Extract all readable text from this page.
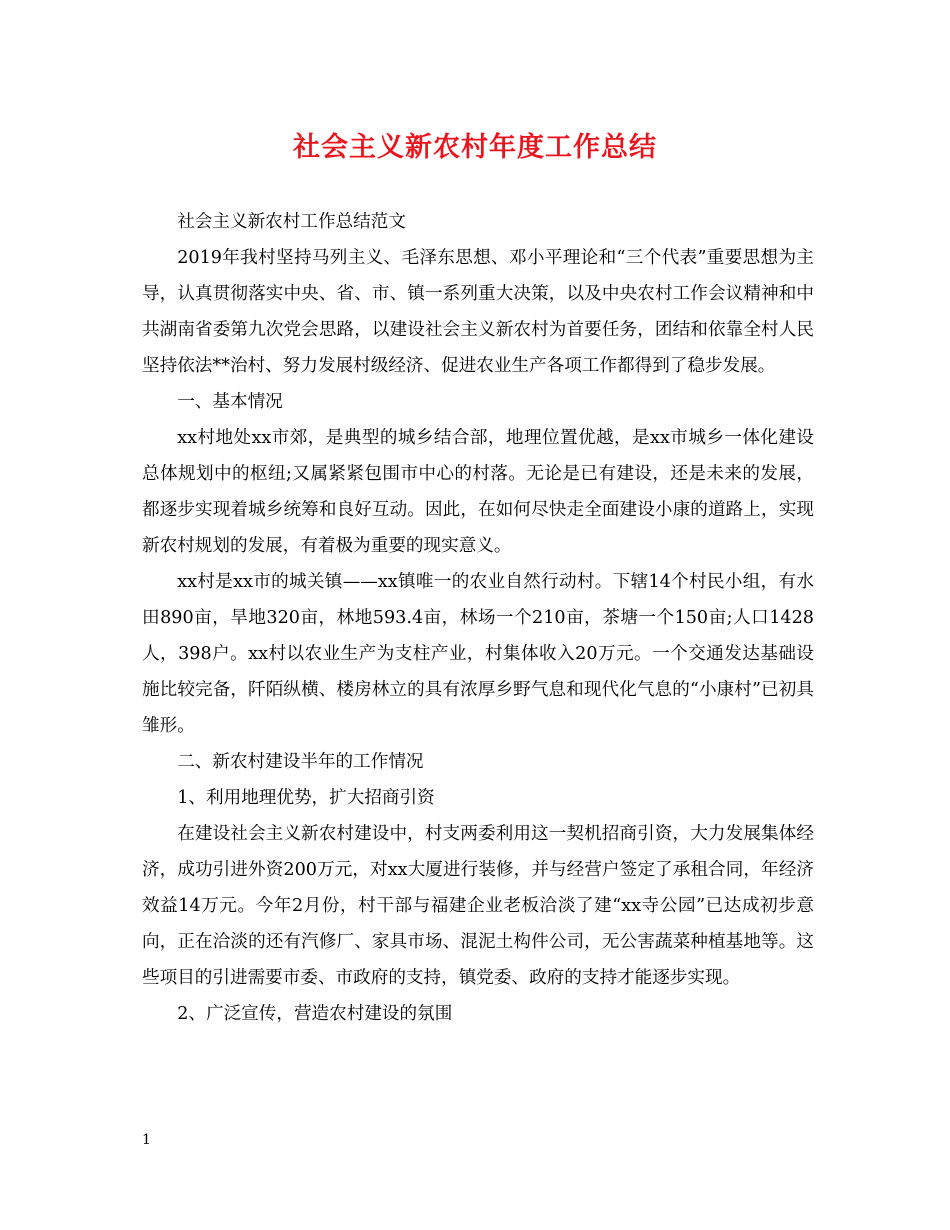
社会主义新农村年度工作总结

社会主义新农村工作总结范文

2019年我村坚持马列主义、毛泽东思想、邓小平理论和“三个代表”重要思想为主导，认真贯彻落实中央、省、市、镇一系列重大决策，以及中央农村工作会议精神和中共湖南省委第九次党会思路，以建设社会主义新农村为首要任务，团结和依靠全村人民坚持依法**治村、努力发展村级经济、促进农业生产各项工作都得到了稳步发展。

一、基本情况

xx村地处xx市郊，是典型的城乡结合部，地理位置优越，是xx市城乡一体化建设总体规划中的枢纽;又属紧紧包围市中心的村落。无论是已有建设，还是未来的发展，都逐步实现着城乡统筹和良好互动。因此，在如何尽快走全面建设小康的道路上，实现新农村规划的发展，有着极为重要的现实意义。

xx村是xx市的城关镇——xx镇唯一的农业自然行动村。下辖14个村民小组，有水田890亩，旱地320亩，林地593.4亩，林场一个210亩，茶塘一个150亩;人口1428人，398户。xx村以农业生产为支柱产业，村集体收入20万元。一个交通发达基础设施比较完备，阡陌纵横、楼房林立的具有浓厚乡野气息和现代化气息的“小康村”已初具雏形。

二、新农村建设半年的工作情况

1、利用地理优势，扩大招商引资

在建设社会主义新农村建设中，村支两委利用这一契机招商引资，大力发展集体经济，成功引进外资200万元，对xx大厦进行装修，并与经营户签定了承租合同，年经济效益14万元。今年2月份，村干部与福建企业老板洽淡了建“xx寺公园”已达成初步意向，正在洽淡的还有汽修厂、家具市场、混泥土构件公司，无公害蔬菜种植基地等。这些项目的引进需要市委、市政府的支持，镇党委、政府的支持才能逐步实现。

2、广泛宣传，营造农村建设的氛围

1
